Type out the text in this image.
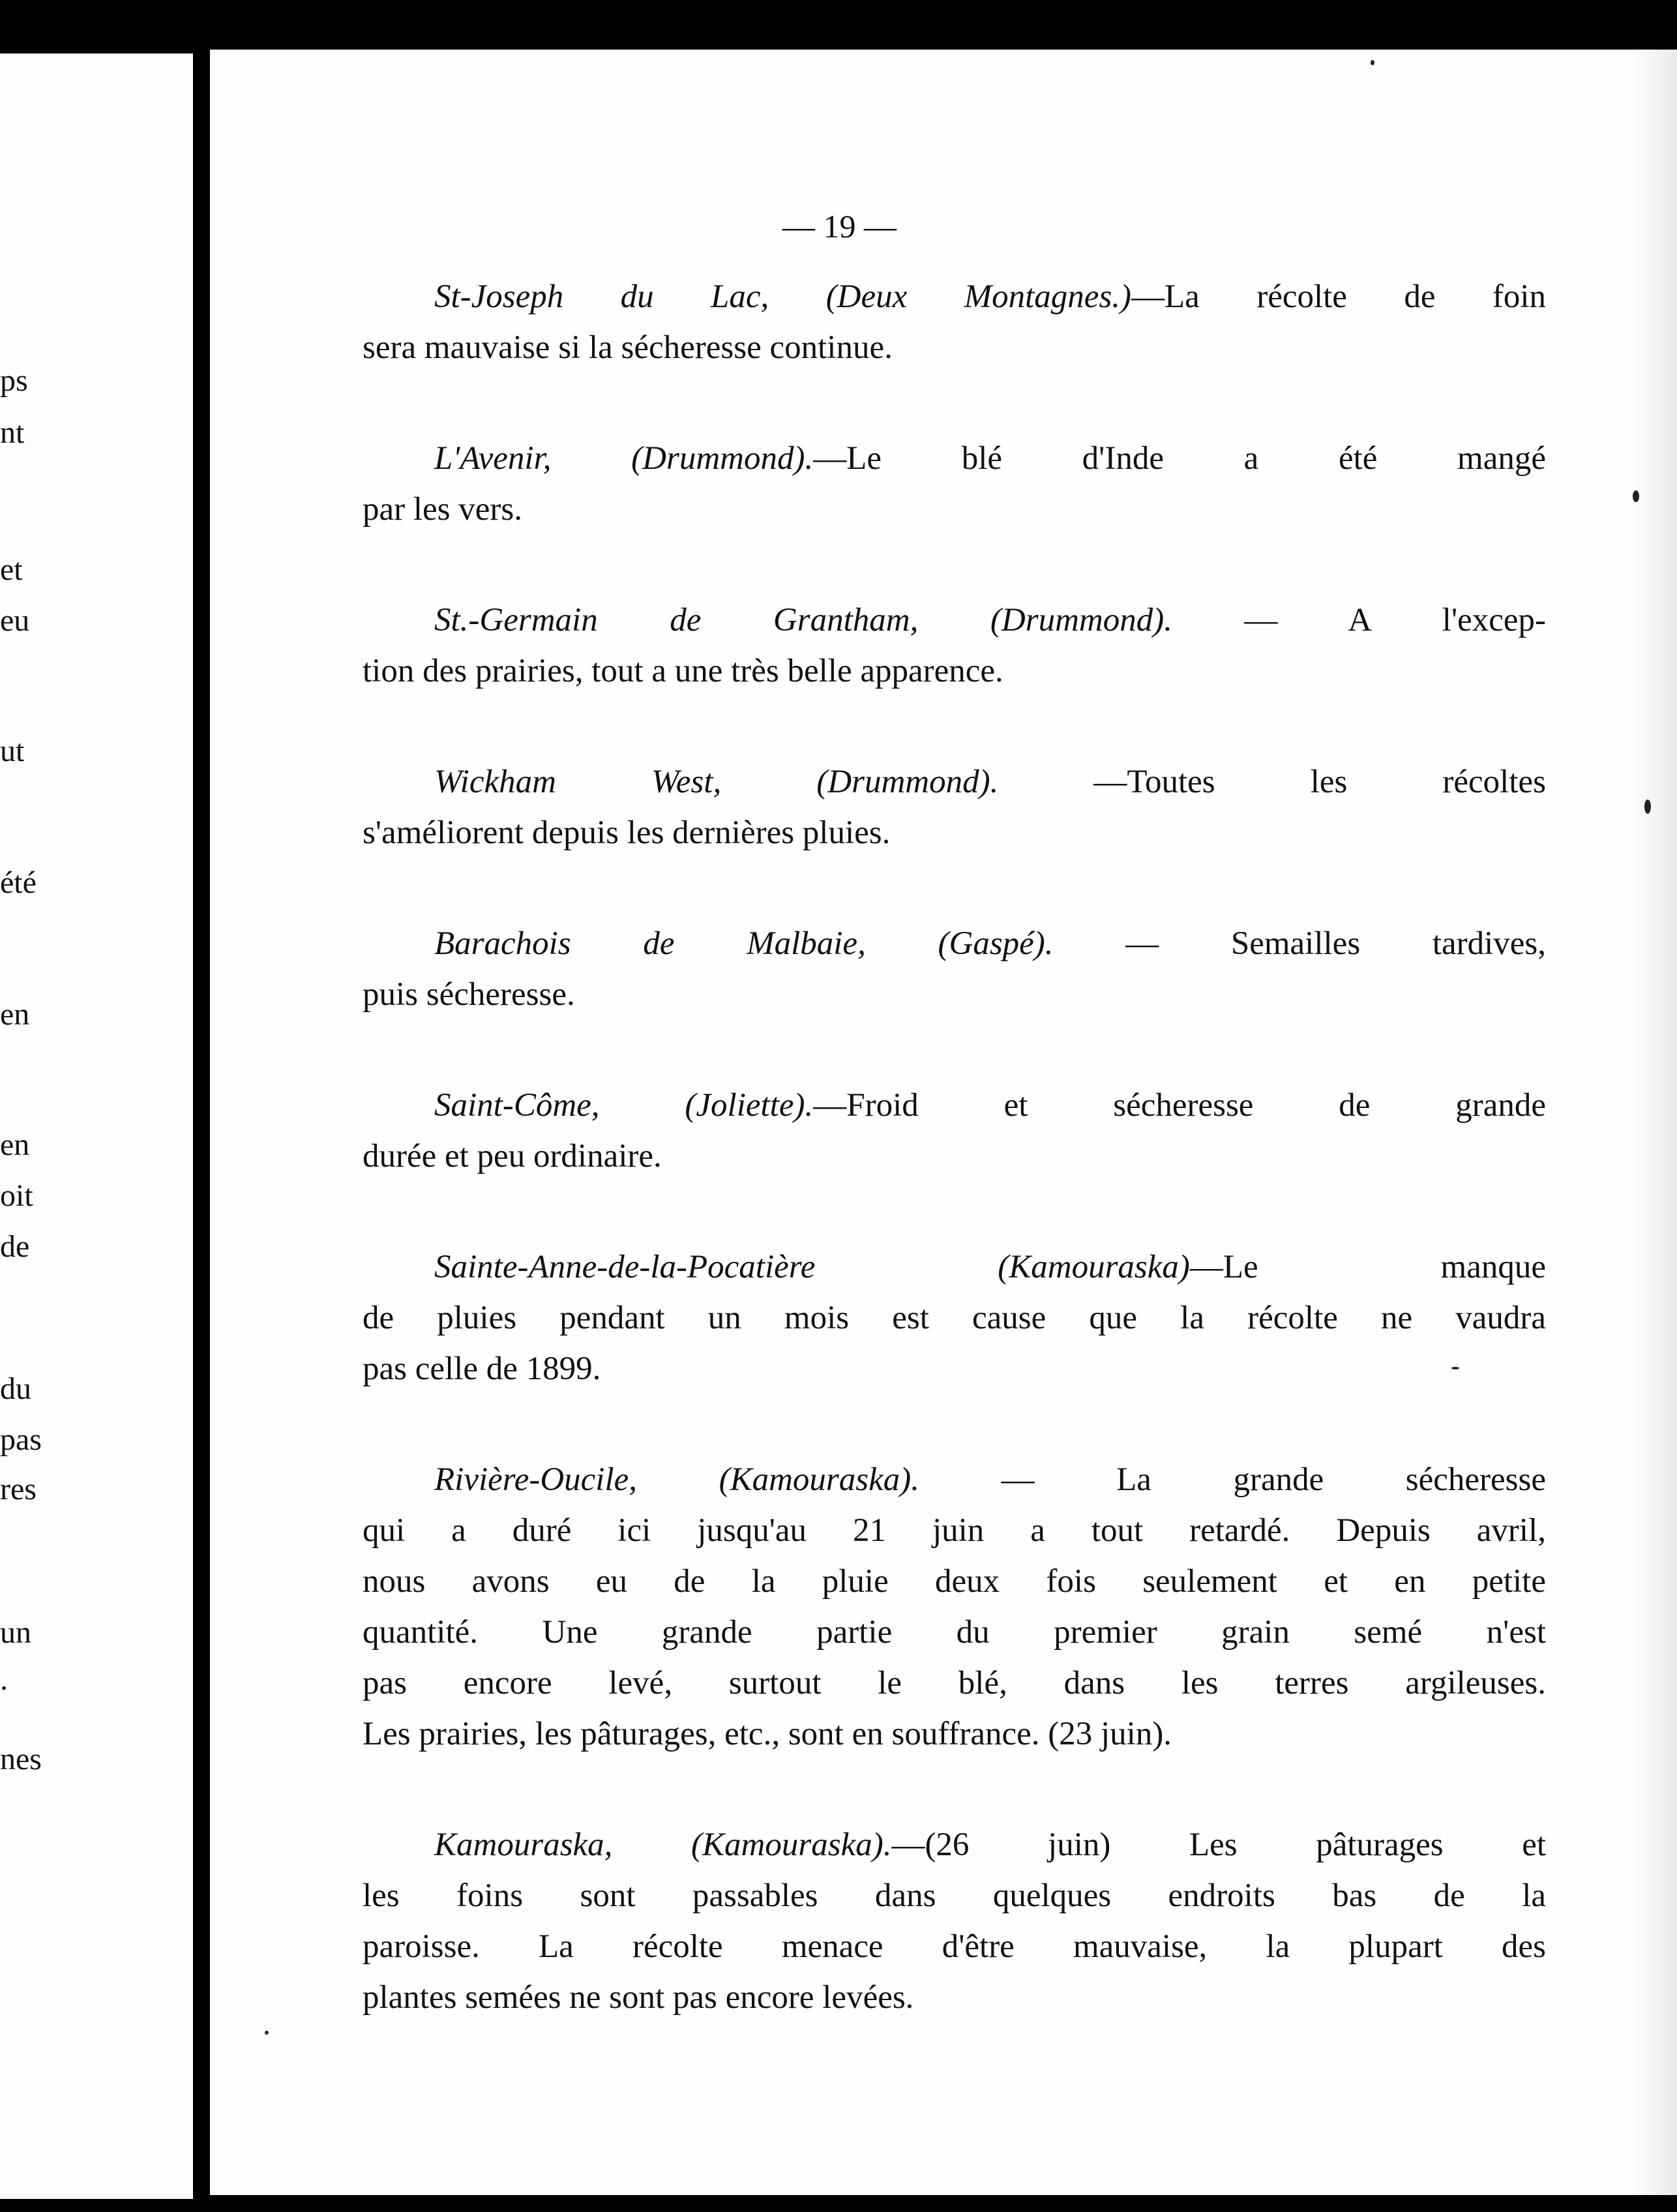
ps
nt
et
eu
ut
été
en
en
oit
de
du
pas
res
un
.
nes
— 19 —
St-Joseph du Lac, (Deux Montagnes.)—La récolte de foin
sera mauvaise si la sécheresse continue.
L'Avenir, (Drummond).—Le blé d'Inde a été mangé
par les vers.
St.-Germain de Grantham, (Drummond). — A l'excep-
tion des prairies, tout a une très belle apparence.
Wickham West,	(Drummond).	—Toutes les récoltes
s'améliorent depuis les dernières pluies.
Barachois de Malbaie, (Gaspé). — Semailles tardives,
puis sécheresse.
Saint-Côme,	(Joliette).—Froid et sécheresse de grande
durée et peu ordinaire.
Sainte-Anne-de-la-Pocatière	(Kamouraska)—Le manque
de pluies pendant un mois est cause que la récolte ne vaudra
pas celle de 1899.
Rivière-Oucile, (Kamouraska). — La grande sécheresse
qui a duré ici jusqu'au 21 juin a tout retardé. Depuis avril,
nous avons eu de la pluie deux fois seulement et en petite
quantité. Une grande partie du premier grain semé n'est
pas encore levé, surtout le blé, dans les terres argileuses.
Les prairies, les pâturages, etc., sont en souffrance. (23 juin).
Kamouraska, (Kamouraska).—(26 juin) Les pâturages et
les foins sont passables dans quelques endroits bas de la
paroisse. La récolte menace d'être mauvaise, la plupart des
plantes semées ne sont pas encore levées.
